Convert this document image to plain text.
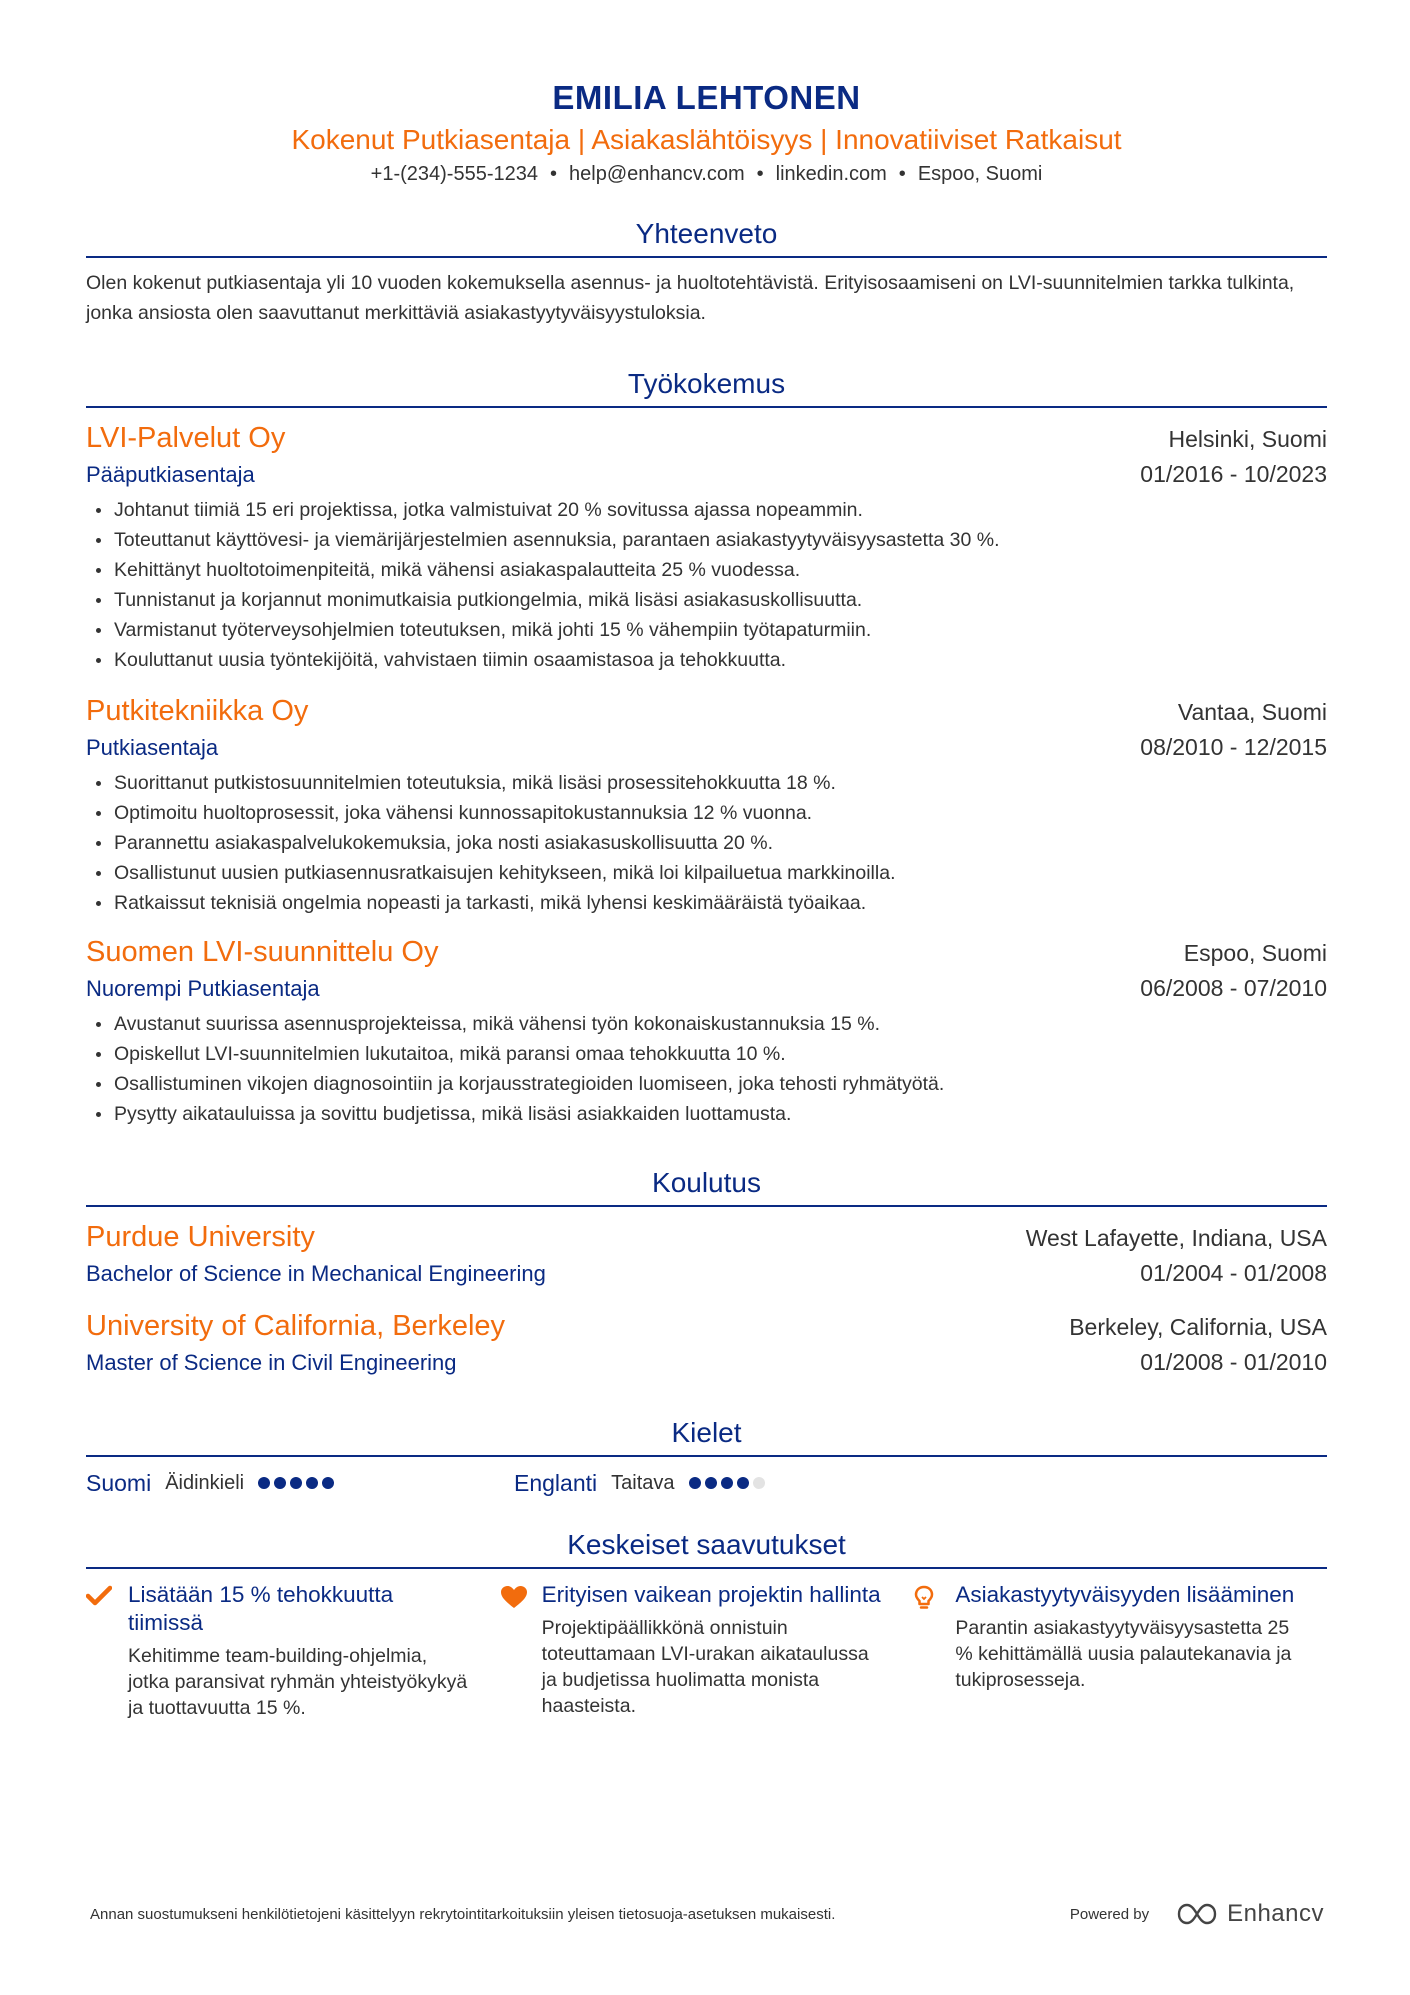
EMILIA LEHTONEN
Kokenut Putkiasentaja | Asiakaslähtöisyys | Innovatiiviset Ratkaisut
+1-(234)-555-1234 • help@enhancv.com • linkedin.com • Espoo, Suomi
Yhteenveto
Olen kokenut putkiasentaja yli 10 vuoden kokemuksella asennus- ja huoltotehtävistä. Erityisosaamiseni on LVI-suunnitelmien tarkka tulkinta, jonka ansiosta olen saavuttanut merkittäviä asiakastyytyväisyystuloksia.
Työkokemus
LVI-Palvelut Oy	Helsinki, Suomi
Pääputkiasentaja	01/2016 - 10/2023
Johtanut tiimiä 15 eri projektissa, jotka valmistuivat 20 % sovitussa ajassa nopeammin.
Toteuttanut käyttövesi- ja viemärijärjestelmien asennuksia, parantaen asiakastyytyväisyysastetta 30 %.
Kehittänyt huoltotoimenpiteitä, mikä vähensi asiakaspalautteita 25 % vuodessa.
Tunnistanut ja korjannut monimutkaisia putkiongelmia, mikä lisäsi asiakasuskollisuutta.
Varmistanut työterveysohjelmien toteutuksen, mikä johti 15 % vähempiin työtapaturmiin.
Kouluttanut uusia työntekijöitä, vahvistaen tiimin osaamistasoa ja tehokkuutta.
Putkitekniikka Oy	Vantaa, Suomi
Putkiasentaja	08/2010 - 12/2015
Suorittanut putkistosuunnitelmien toteutuksia, mikä lisäsi prosessitehokkuutta 18 %.
Optimoitu huoltoprosessit, joka vähensi kunnossapitokustannuksia 12 % vuonna.
Parannettu asiakaspalvelukokemuksia, joka nosti asiakasuskollisuutta 20 %.
Osallistunut uusien putkiasennusratkaisujen kehitykseen, mikä loi kilpailuetua markkinoilla.
Ratkaissut teknisiä ongelmia nopeasti ja tarkasti, mikä lyhensi keskimääräistä työaikaa.
Suomen LVI-suunnittelu Oy	Espoo, Suomi
Nuorempi Putkiasentaja	06/2008 - 07/2010
Avustanut suurissa asennusprojekteissa, mikä vähensi työn kokonaiskustannuksia 15 %.
Opiskellut LVI-suunnitelmien lukutaitoa, mikä paransi omaa tehokkuutta 10 %.
Osallistuminen vikojen diagnosointiin ja korjausstrategioiden luomiseen, joka tehosti ryhmätyötä.
Pysytty aikatauluissa ja sovittu budjetissa, mikä lisäsi asiakkaiden luottamusta.
Koulutus
Purdue University	West Lafayette, Indiana, USA
Bachelor of Science in Mechanical Engineering	01/2004 - 01/2008
University of California, Berkeley	Berkeley, California, USA
Master of Science in Civil Engineering	01/2008 - 01/2010
Kielet
Suomi Äidinkieli	Englanti Taitava
Keskeiset saavutukset
Lisätään 15 % tehokkuutta tiimissä
Kehitimme team-building-ohjelmia, jotka paransivat ryhmän yhteistyökykyä ja tuottavuutta 15 %.
Erityisen vaikean projektin hallinta
Projektipäällikkönä onnistuin toteuttamaan LVI-urakan aikataulussa ja budjetissa huolimatta monista haasteista.
Asiakastyytyväisyyden lisääminen
Parantin asiakastyytyväisyysastetta 25 % kehittämällä uusia palautekanavia ja tukiprosesseja.
Annan suostumukseni henkilötietojeni käsittelyyn rekrytointitarkoituksiin yleisen tietosuoja-asetuksen mukaisesti.	Powered by	Enhancv
